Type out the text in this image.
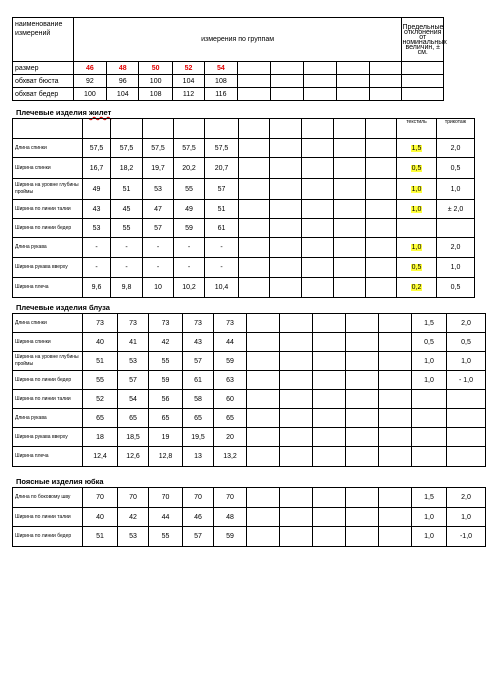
наименование измерений	измерения по группам										Предельные отклонения от номинальных величин, ± см.
размер	46	48	50	52	54						
обхват бюста	92	96	100	104	108						
обхват бедер	100	104	108	112	116						
Плечевые изделия жилет
											текстиль	трикотаж
Длина спинки	57,5	57,5	57,5	57,5	57,5						1,5	2,0
Ширина спинки	16,7	18,2	19,7	20,2	20,7						0,5	0,5
Ширина на уровне глубины проймы	49	51	53	55	57						1,0	1,0
Ширина по линии талии	43	45	47	49	51						1,0	± 2,0
Ширина по линии бедер	53	55	57	59	61							
Длина рукава	-	-	-	-	-						1,0	2,0
Ширина рукава вверху	-	-	-	-	-						0,5	1,0
Ширина плеча	9,6	9,8	10	10,2	10,4						0,2	0,5
Плечевые изделия блуза
Длина спинки	73	73	73	73	73						1,5	2,0
Ширина спинки	40	41	42	43	44						0,5	0,5
Ширина на уровне глубины проймы	51	53	55	57	59						1,0	1,0
Ширина по линии бедер	55	57	59	61	63						1,0	- 1,0
Ширина по линии талии	52	54	56	58	60							
Длина рукава	65	65	65	65	65							
Ширина рукава вверху	18	18,5	19	19,5	20							
Ширина плеча	12,4	12,6	12,8	13	13,2							
Поясные изделия юбка
Длина по боковому шву	70	70	70	70	70						1,5	2,0
Ширина по линии талии	40	42	44	46	48						1,0	1,0
Ширина по линии бедер	51	53	55	57	59						1,0	-1,0
